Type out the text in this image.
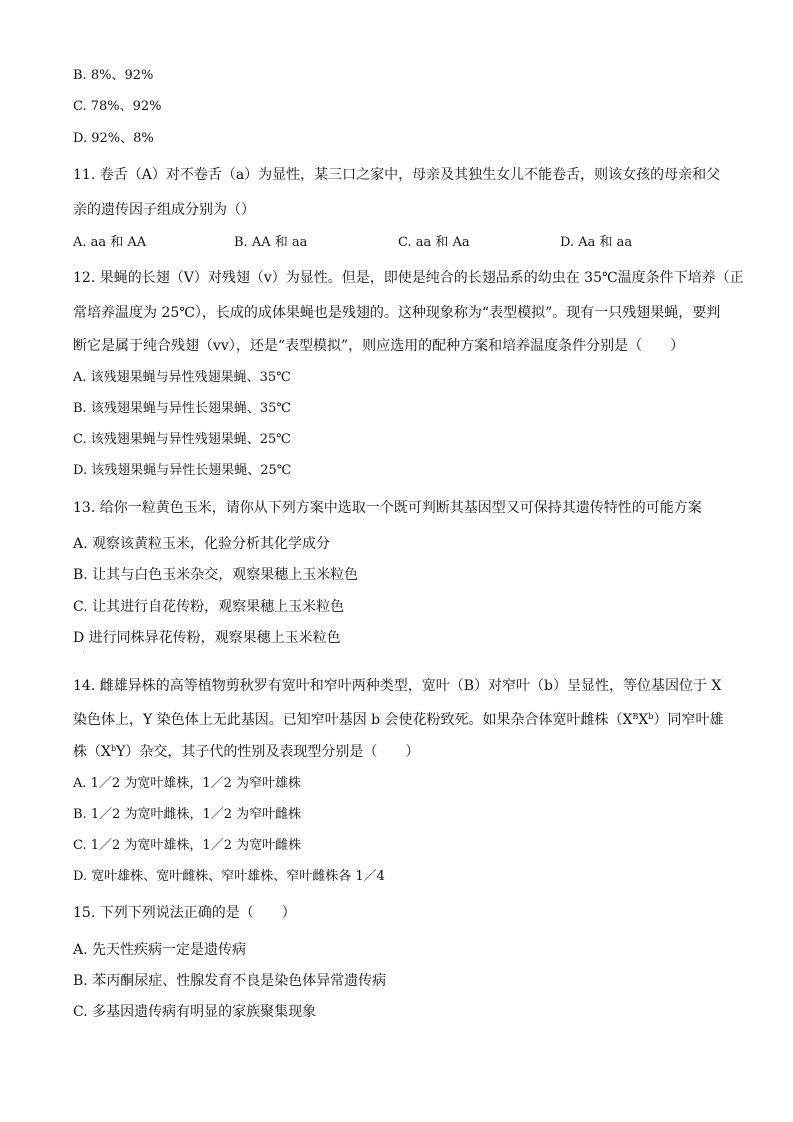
B. 8%、92%
C. 78%、92%
D. 92%、8%
11. 卷舌（A）对不卷舌（a）为显性，某三口之家中，母亲及其独生女儿不能卷舌，则该女孩的母亲和父
亲的遗传因子组成分别为（）
A. aa 和 AA	B. AA 和 aa	C. aa 和 Aa	D. Aa 和 aa
12. 果蝇的长翅（V）对残翅（v）为显性。但是，即使是纯合的长翅品系的幼虫在 35℃温度条件下培养（正
常培养温度为 25℃），长成的成体果蝇也是残翅的。这种现象称为“表型模拟”。现有一只残翅果蝇，要判
断它是属于纯合残翅（vv），还是“表型模拟”，则应选用的配种方案和培养温度条件分别是（　　）
A. 该残翅果蝇与异性残翅果蝇、35℃
B. 该残翅果蝇与异性长翅果蝇、35℃
C. 该残翅果蝇与异性残翅果蝇、25℃
D. 该残翅果蝇与异性长翅果蝇、25℃
13. 给你一粒黄色玉米，请你从下列方案中选取一个既可判断其基因型又可保持其遗传特性的可能方案
A. 观察该黄粒玉米，化验分析其化学成分
B. 让其与白色玉米杂交，观察果穗上玉米粒色
C. 让其进行自花传粉，观察果穗上玉米粒色
D 进行同株异花传粉，观察果穗上玉米粒色
'
14. 雌雄异株的高等植物剪秋罗有宽叶和窄叶两种类型，宽叶（B）对窄叶（b）呈显性，等位基因位于 X
染色体上，Y 染色体上无此基因。已知窄叶基因 b 会使花粉致死。如果杂合体宽叶雌株$(X^BX^b)$同窄叶雄
株$(X^bY)$杂交，其子代的性别及表现型分别是（　　）
A. 1／2 为宽叶雄株，1／2 为窄叶雄株
B. 1／2 为宽叶雌株，1／2 为窄叶雌株
C. 1／2 为宽叶雄株，1／2 为宽叶雌株
D. 宽叶雄株、宽叶雌株、窄叶雄株、窄叶雌株各 1／4
15. 下列下列说法正确的是（　　）
A. 先天性疾病一定是遗传病
B. 苯丙酮尿症、性腺发育不良是染色体异常遗传病
C. 多基因遗传病有明显的家族聚集现象
